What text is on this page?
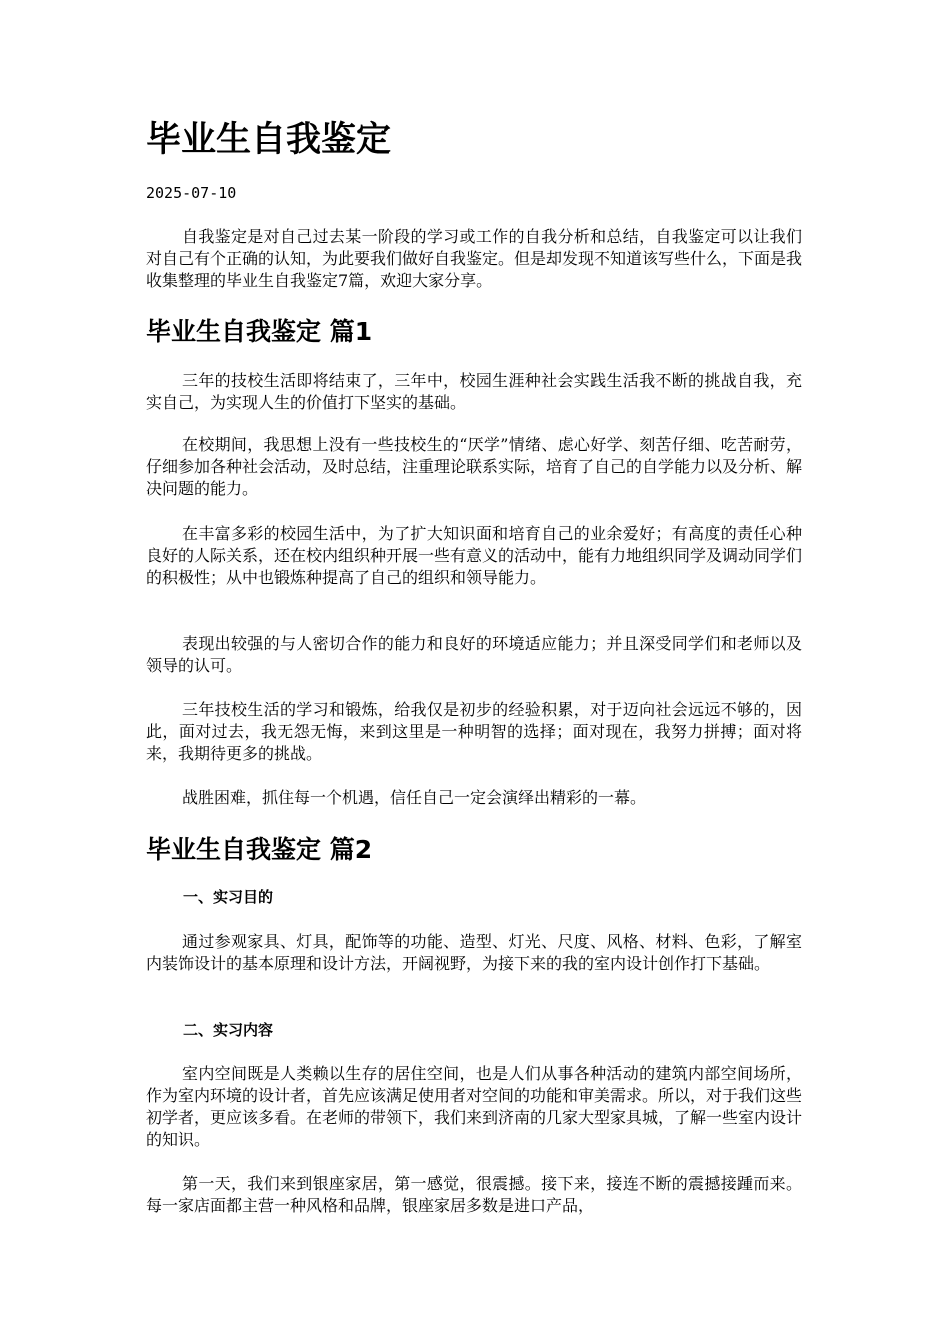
毕业生自我鉴定
2025-07-10

自我鉴定是对自己过去某一阶段的学习或工作的自我分析和总结，自我鉴定可以让我们对自己有个正确的认知，为此要我们做好自我鉴定。但是却发现不知道该写些什么，下面是我收集整理的毕业生自我鉴定7篇，欢迎大家分享。

毕业生自我鉴定 篇1

三年的技校生活即将结束了，三年中，校园生涯种社会实践生活我不断的挑战自我，充实自己，为实现人生的价值打下坚实的基础。

在校期间，我思想上没有一些技校生的“厌学”情绪、虑心好学、刻苦仔细、吃苦耐劳，仔细参加各种社会活动，及时总结，注重理论联系实际，培育了自己的自学能力以及分析、解决问题的能力。

在丰富多彩的校园生活中，为了扩大知识面和培育自己的业余爱好；有高度的责任心种良好的人际关系，还在校内组织种开展一些有意义的活动中，能有力地组织同学及调动同学们的积极性；从中也锻炼种提高了自己的组织和领导能力。

表现出较强的与人密切合作的能力和良好的环境适应能力；并且深受同学们和老师以及领导的认可。

三年技校生活的学习和锻炼，给我仅是初步的经验积累，对于迈向社会远远不够的，因此，面对过去，我无怨无悔，来到这里是一种明智的选择；面对现在，我努力拼搏；面对将来，我期待更多的挑战。

战胜困难，抓住每一个机遇，信任自己一定会演绎出精彩的一幕。

毕业生自我鉴定 篇2
一、实习目的

通过参观家具、灯具，配饰等的功能、造型、灯光、尺度、风格、材料、色彩，了解室内装饰设计的基本原理和设计方法，开阔视野，为接下来的我的室内设计创作打下基础。

二、实习内容

室内空间既是人类赖以生存的居住空间，也是人们从事各种活动的建筑内部空间场所，作为室内环境的设计者，首先应该满足使用者对空间的功能和审美需求。所以，对于我们这些初学者，更应该多看。在老师的带领下，我们来到济南的几家大型家具城，了解一些室内设计的知识。

第一天，我们来到银座家居，第一感觉，很震撼。接下来，接连不断的震撼接踵而来。每一家店面都主营一种风格和品牌，银座家居多数是进口产品，
